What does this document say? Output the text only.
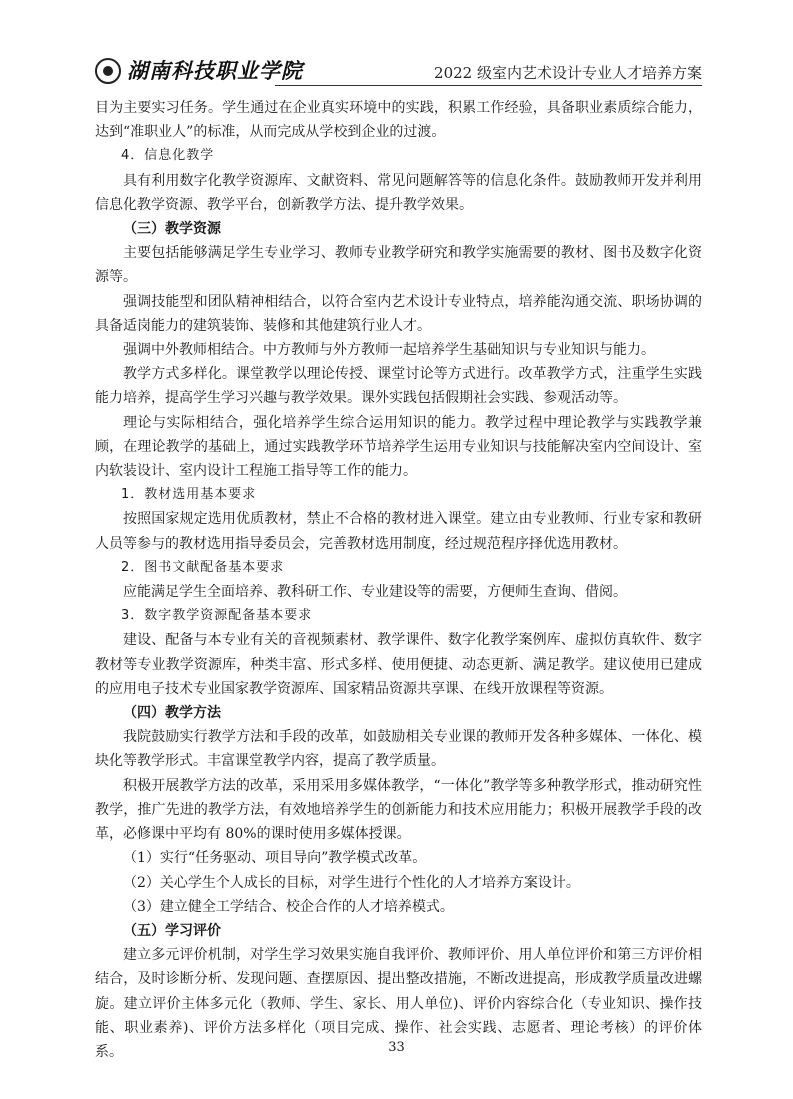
湖南科技职业学院	2022 级室内艺术设计专业人才培养方案

目为主要实习任务。学生通过在企业真实环境中的实践，积累工作经验，具备职业素质综合能力，达到“准职业人”的标准，从而完成从学校到企业的过渡。

4．信息化教学

具有利用数字化教学资源库、文献资料、常见问题解答等的信息化条件。鼓励教师开发并利用信息化教学资源、教学平台，创新教学方法、提升教学效果。

（三）教学资源

主要包括能够满足学生专业学习、教师专业教学研究和教学实施需要的教材、图书及数字化资源等。

强调技能型和团队精神相结合，以符合室内艺术设计专业特点，培养能沟通交流、职场协调的具备适岗能力的建筑装饰、装修和其他建筑行业人才。

强调中外教师相结合。中方教师与外方教师一起培养学生基础知识与专业知识与能力。

教学方式多样化。课堂教学以理论传授、课堂讨论等方式进行。改革教学方式，注重学生实践能力培养，提高学生学习兴趣与教学效果。课外实践包括假期社会实践、参观活动等。

理论与实际相结合，强化培养学生综合运用知识的能力。教学过程中理论教学与实践教学兼顾，在理论教学的基础上，通过实践教学环节培养学生运用专业知识与技能解决室内空间设计、室内软装设计、室内设计工程施工指导等工作的能力。

1．教材选用基本要求

按照国家规定选用优质教材，禁止不合格的教材进入课堂。建立由专业教师、行业专家和教研人员等参与的教材选用指导委员会，完善教材选用制度，经过规范程序择优选用教材。

2．图书文献配备基本要求

应能满足学生全面培养、教科研工作、专业建设等的需要，方便师生查询、借阅。

3．数字教学资源配备基本要求

建设、配备与本专业有关的音视频素材、教学课件、数字化教学案例库、虚拟仿真软件、数字教材等专业教学资源库，种类丰富、形式多样、使用便捷、动态更新、满足教学。建议使用已建成的应用电子技术专业国家教学资源库、国家精品资源共享课、在线开放课程等资源。

（四）教学方法

我院鼓励实行教学方法和手段的改革，如鼓励相关专业课的教师开发各种多媒体、一体化、模块化等教学形式。丰富课堂教学内容，提高了教学质量。

积极开展教学方法的改革，采用采用多媒体教学，“一体化”教学等多种教学形式，推动研究性教学，推广先进的教学方法，有效地培养学生的创新能力和技术应用能力；积极开展教学手段的改革，必修课中平均有 80%的课时使用多媒体授课。

（1）实行“任务驱动、项目导向”教学模式改革。

（2）关心学生个人成长的目标，对学生进行个性化的人才培养方案设计。

（3）建立健全工学结合、校企合作的人才培养模式。

（五）学习评价

建立多元评价机制，对学生学习效果实施自我评价、教师评价、用人单位评价和第三方评价相结合，及时诊断分析、发现问题、查摆原因、提出整改措施，不断改进提高，形成教学质量改进螺旋。建立评价主体多元化（教师、学生、家长、用人单位)、评价内容综合化（专业知识、操作技能、职业素养)、评价方法多样化（项目完成、操作、社会实践、志愿者、理论考核）的评价体系。	33
